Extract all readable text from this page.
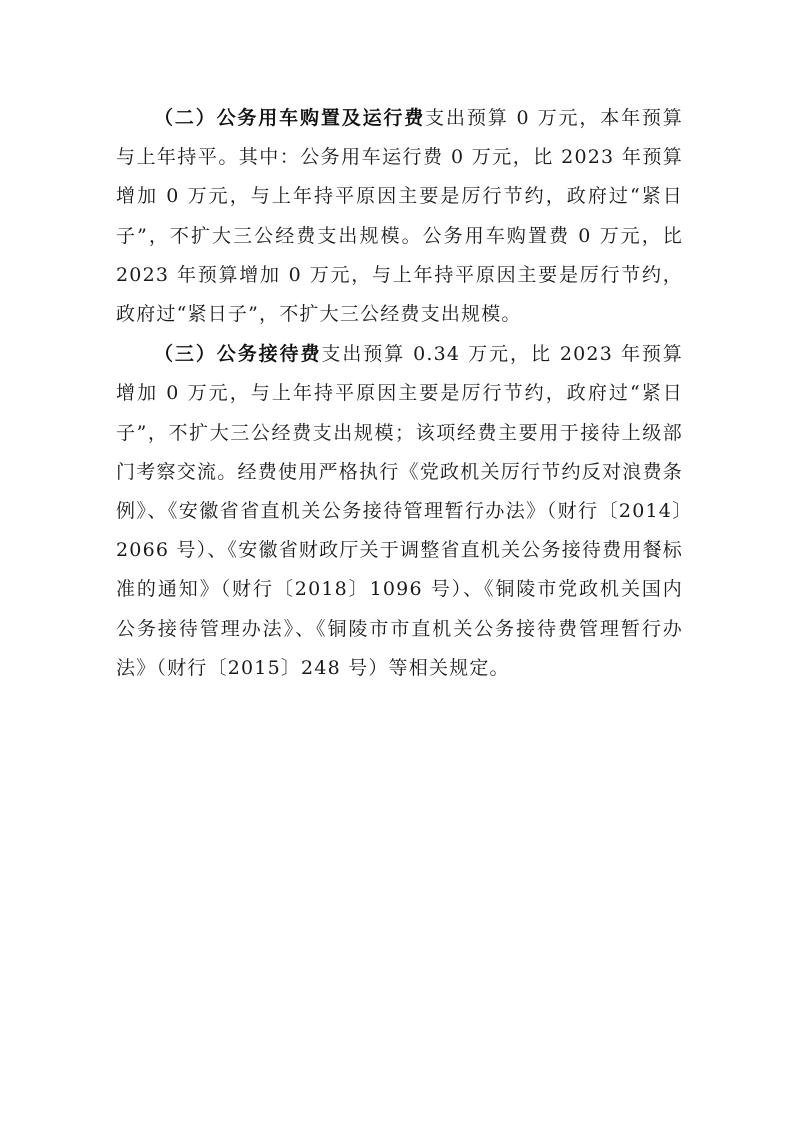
（二）公务用车购置及运行费支出预算 0 万元，本年预算与上年持平。其中：公务用车运行费 0 万元，比 2023 年预算增加 0 万元，与上年持平原因主要是厉行节约，政府过“紧日子”，不扩大三公经费支出规模。公务用车购置费 0 万元，比 2023 年预算增加 0 万元，与上年持平原因主要是厉行节约，政府过“紧日子”，不扩大三公经费支出规模。

（三）公务接待费支出预算 0.34 万元，比 2023 年预算增加 0 万元，与上年持平原因主要是厉行节约，政府过“紧日子”，不扩大三公经费支出规模；该项经费主要用于接待上级部门考察交流。经费使用严格执行《党政机关厉行节约反对浪费条例》、《安徽省省直机关公务接待管理暂行办法》（财行〔2014〕2066 号）、《安徽省财政厅关于调整省直机关公务接待费用餐标准的通知》（财行〔2018〕1096 号）、《铜陵市党政机关国内公务接待管理办法》、《铜陵市市直机关公务接待费管理暂行办法》（财行〔2015〕248 号）等相关规定。
